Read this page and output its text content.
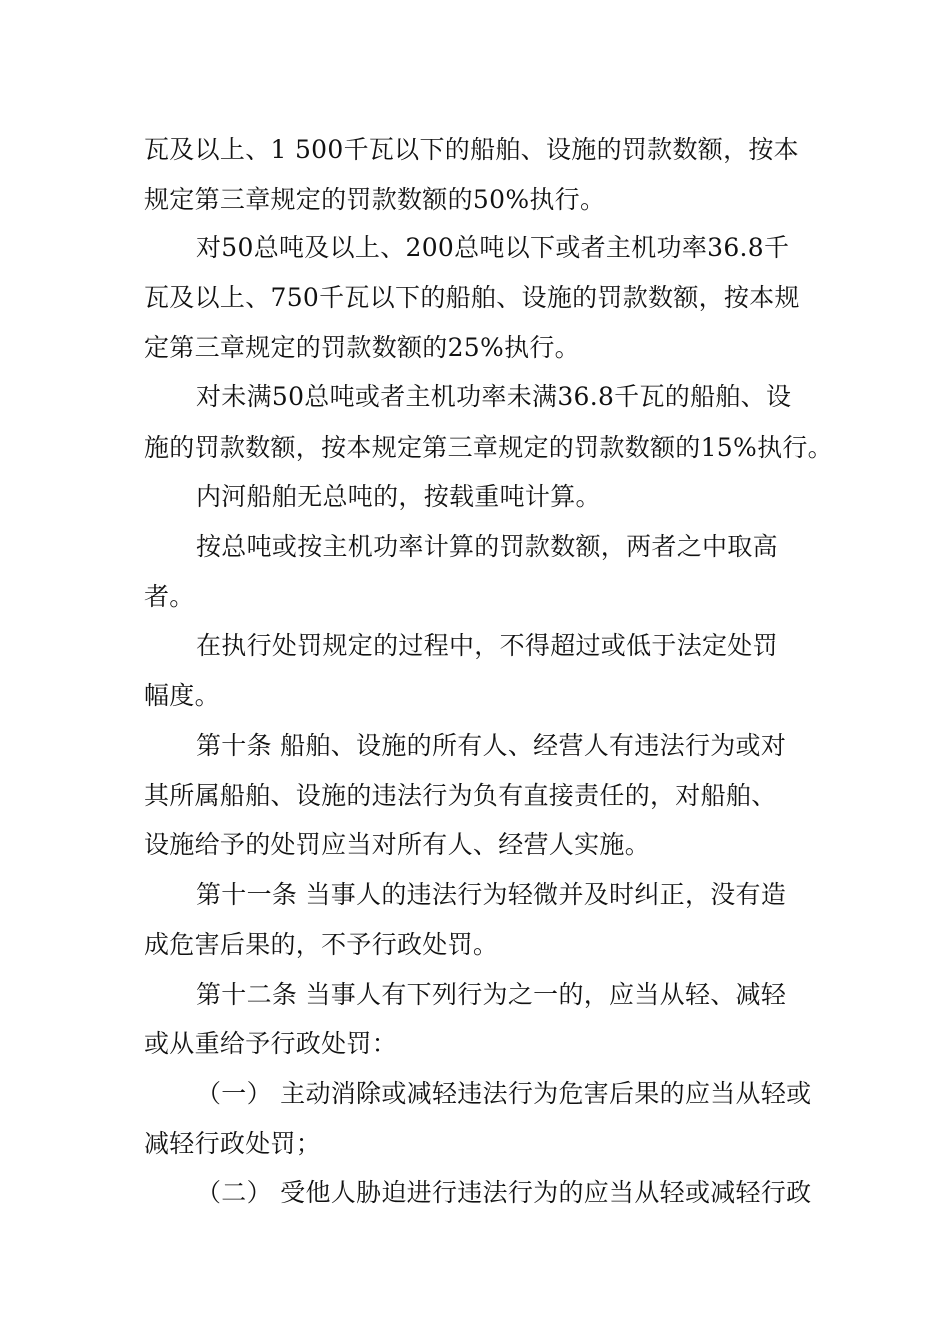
瓦及以上、1 500千瓦以下的船舶、设施的罚款数额，按本
规定第三章规定的罚款数额的50%执行。
对50总吨及以上、200总吨以下或者主机功率36.8千
瓦及以上、750千瓦以下的船舶、设施的罚款数额，按本规
定第三章规定的罚款数额的25%执行。
对未满50总吨或者主机功率未满36.8千瓦的船舶、设
施的罚款数额，按本规定第三章规定的罚款数额的15%执行。
内河船舶无总吨的，按载重吨计算。
按总吨或按主机功率计算的罚款数额，两者之中取高
者。
在执行处罚规定的过程中，不得超过或低于法定处罚
幅度。
第十条 船舶、设施的所有人、经营人有违法行为或对
其所属船舶、设施的违法行为负有直接责任的，对船舶、
设施给予的处罚应当对所有人、经营人实施。
第十一条 当事人的违法行为轻微并及时纠正，没有造
成危害后果的，不予行政处罚。
第十二条 当事人有下列行为之一的，应当从轻、减轻
或从重给予行政处罚：
（一） 主动消除或减轻违法行为危害后果的应当从轻或
减轻行政处罚；
（二） 受他人胁迫进行违法行为的应当从轻或减轻行政
